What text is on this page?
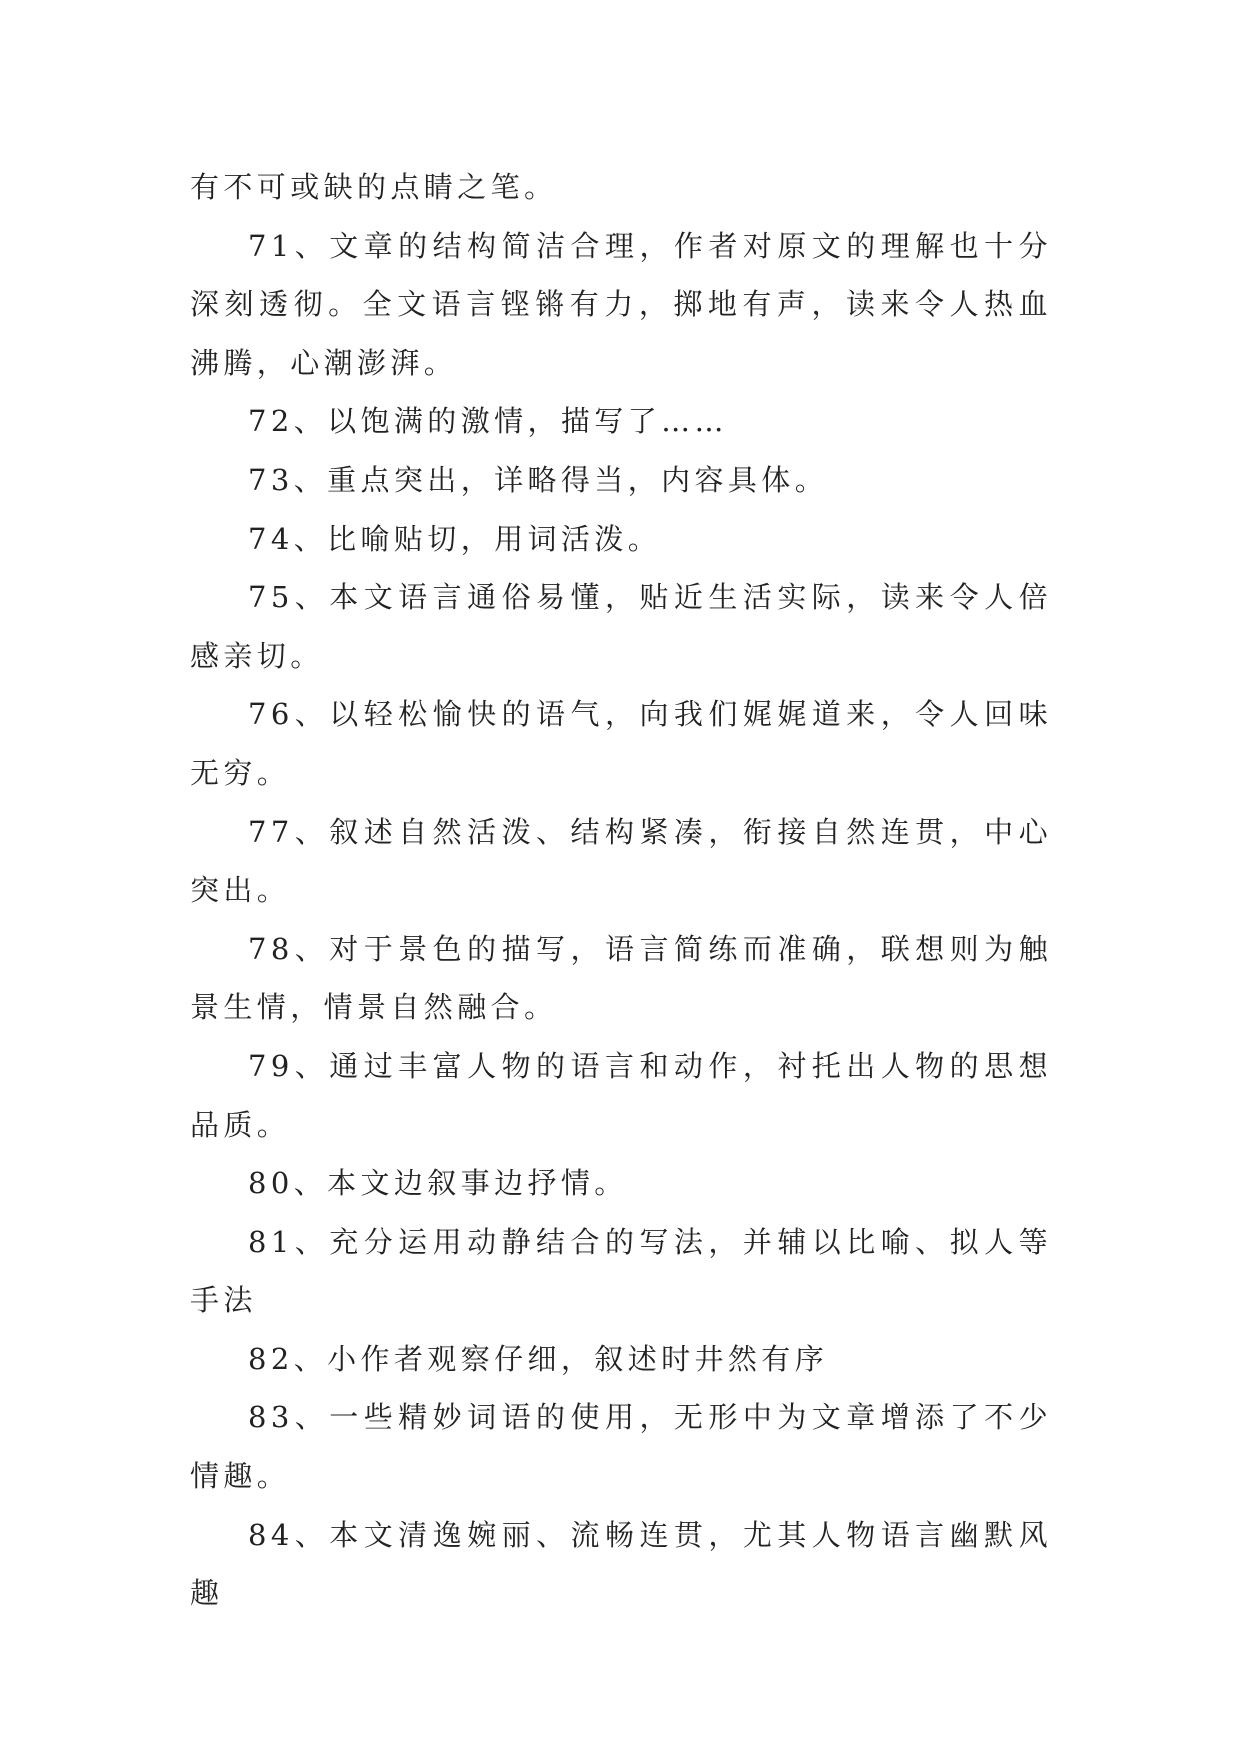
有不可或缺的点睛之笔。

71、文章的结构简洁合理，作者对原文的理解也十分深刻透彻。全文语言铿锵有力，掷地有声，读来令人热血沸腾，心潮澎湃。

72、以饱满的激情，描写了……

73、重点突出，详略得当，内容具体。

74、比喻贴切，用词活泼。

75、本文语言通俗易懂，贴近生活实际，读来令人倍感亲切。

76、以轻松愉快的语气，向我们娓娓道来，令人回味无穷。

77、叙述自然活泼、结构紧凑，衔接自然连贯，中心突出。

78、对于景色的描写，语言简练而准确，联想则为触景生情，情景自然融合。

79、通过丰富人物的语言和动作，衬托出人物的思想品质。

80、本文边叙事边抒情。

81、充分运用动静结合的写法，并辅以比喻、拟人等手法

82、小作者观察仔细，叙述时井然有序

83、一些精妙词语的使用，无形中为文章增添了不少情趣。

84、本文清逸婉丽、流畅连贯，尤其人物语言幽默风趣
